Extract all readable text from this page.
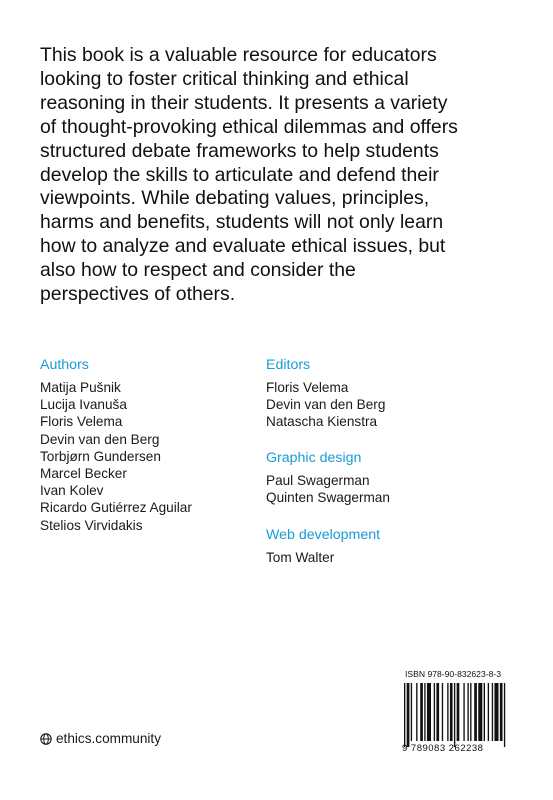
This book is a valuable resource for educators
looking to foster critical thinking and ethical
reasoning in their students. It presents a variety
of thought-provoking ethical dilemmas and offers
structured debate frameworks to help students
develop the skills to articulate and defend their
viewpoints. While debating values, principles,
harms and benefits, students will not only learn
how to analyze and evaluate ethical issues, but
also how to respect and consider the
perspectives of others.
Authors
Matija Pušnik
Lucija Ivanuša
Floris Velema
Devin van den Berg
Torbjørn Gundersen
Marcel Becker
Ivan Kolev
Ricardo Gutiérrez Aguilar
Stelios Virvidakis
Editors
Floris Velema
Devin van den Berg
Natascha Kienstra
Graphic design
Paul Swagerman
Quinten Swagerman
Web development
Tom Walter
ISBN 978-90-832623-8-3
9 789083 262238
ethics.community
